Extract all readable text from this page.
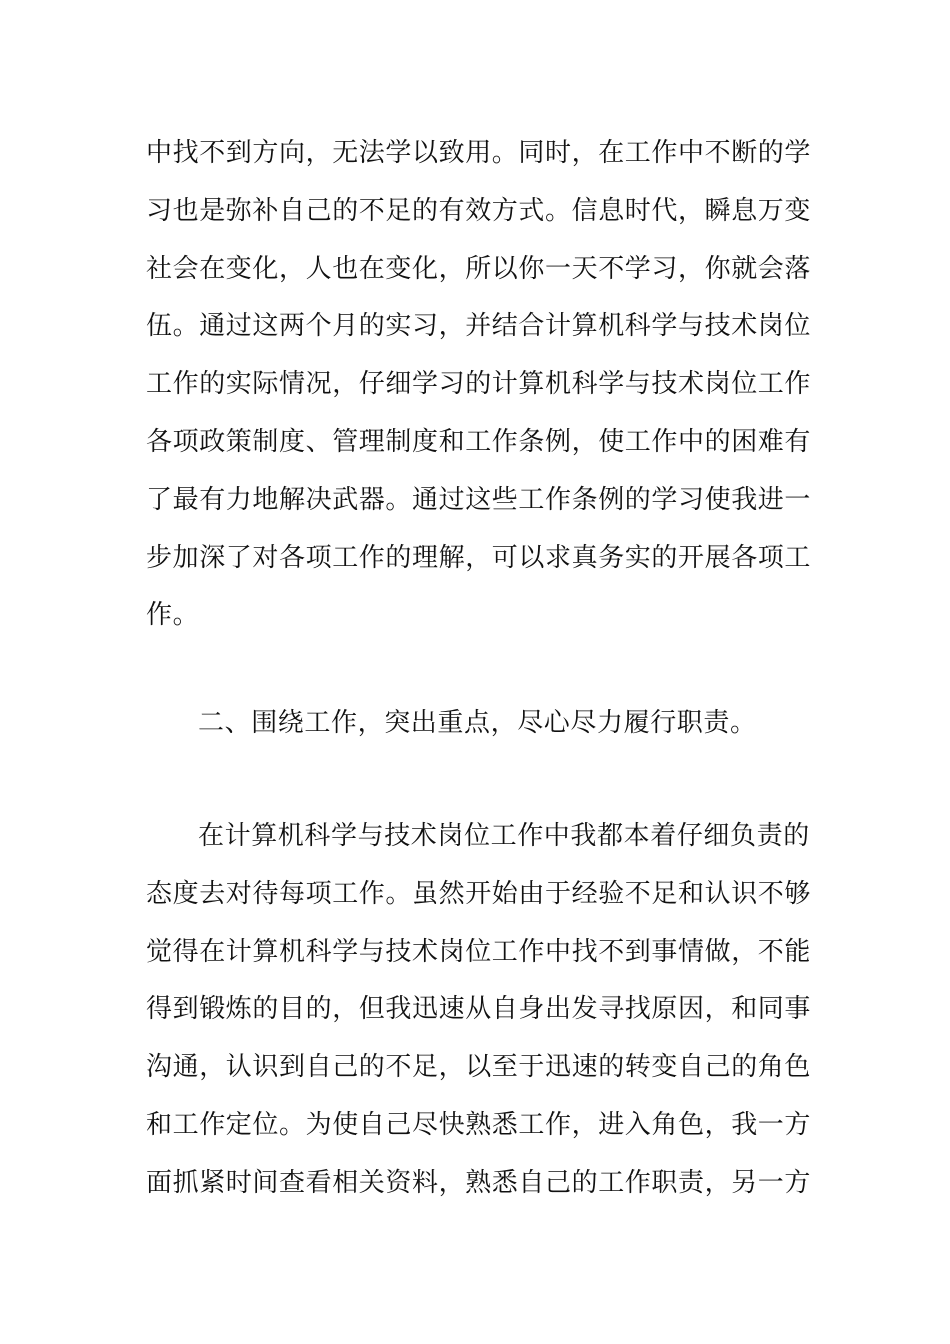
中找不到方向，无法学以致用。同时，在工作中不断的学
习也是弥补自己的不足的有效方式。信息时代，瞬息万变
社会在变化，人也在变化，所以你一天不学习，你就会落
伍。通过这两个月的实习，并结合计算机科学与技术岗位
工作的实际情况，仔细学习的计算机科学与技术岗位工作
各项政策制度、管理制度和工作条例，使工作中的困难有
了最有力地解决武器。通过这些工作条例的学习使我进一
步加深了对各项工作的理解，可以求真务实的开展各项工
作。
二、围绕工作，突出重点，尽心尽力履行职责。
在计算机科学与技术岗位工作中我都本着仔细负责的
态度去对待每项工作。虽然开始由于经验不足和认识不够
觉得在计算机科学与技术岗位工作中找不到事情做，不能
得到锻炼的目的，但我迅速从自身出发寻找原因，和同事
沟通，认识到自己的不足，以至于迅速的转变自己的角色
和工作定位。为使自己尽快熟悉工作，进入角色，我一方
面抓紧时间查看相关资料，熟悉自己的工作职责，另一方
